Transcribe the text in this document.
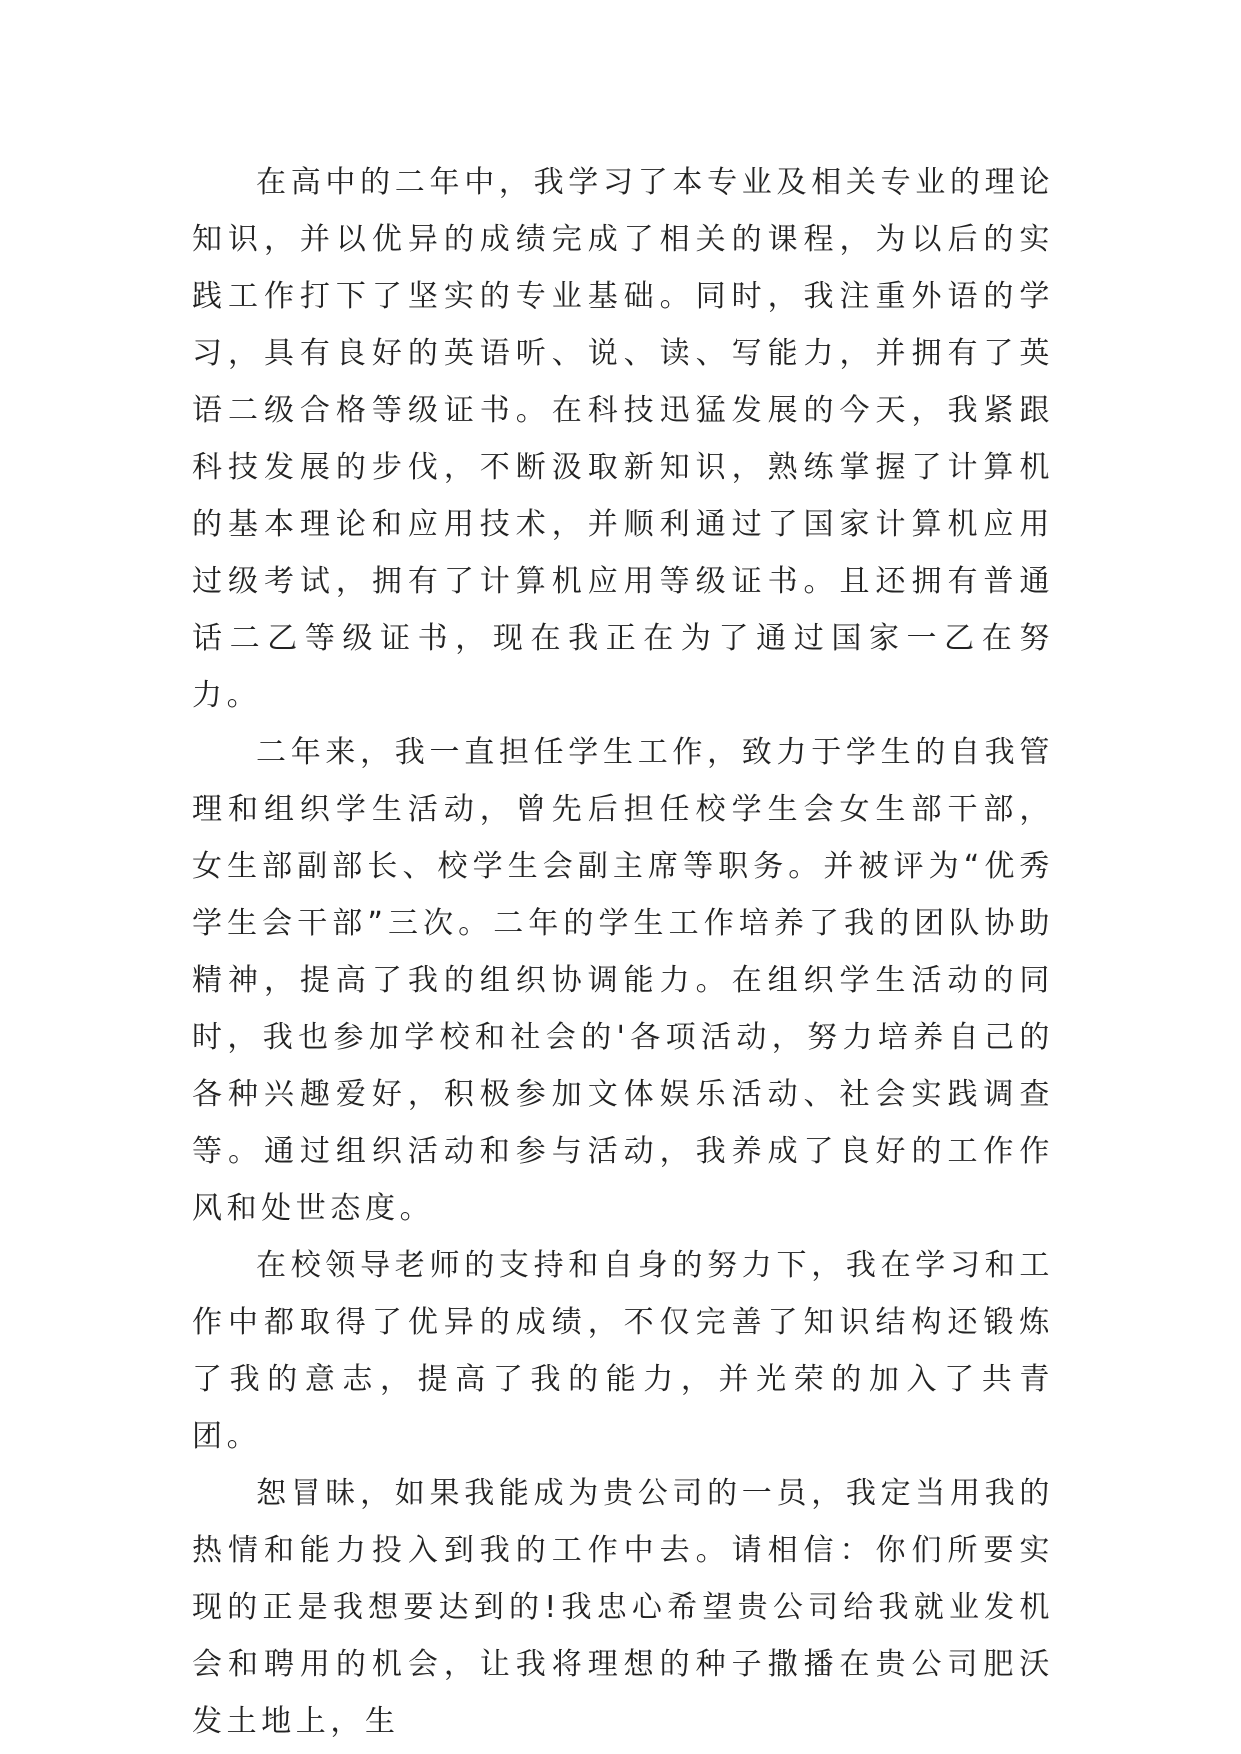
在高中的二年中，我学习了本专业及相关专业的理论知识，并以优异的成绩完成了相关的课程，为以后的实践工作打下了坚实的专业基础。同时，我注重外语的学习，具有良好的英语听、说、读、写能力，并拥有了英语二级合格等级证书。在科技迅猛发展的今天，我紧跟科技发展的步伐，不断汲取新知识，熟练掌握了计算机的基本理论和应用技术，并顺利通过了国家计算机应用过级考试，拥有了计算机应用等级证书。且还拥有普通话二乙等级证书，现在我正在为了通过国家一乙在努力。

二年来，我一直担任学生工作，致力于学生的自我管理和组织学生活动，曾先后担任校学生会女生部干部，女生部副部长、校学生会副主席等职务。并被评为“优秀学生会干部”三次。二年的学生工作培养了我的团队协助精神，提高了我的组织协调能力。在组织学生活动的同时，我也参加学校和社会的'各项活动，努力培养自己的各种兴趣爱好，积极参加文体娱乐活动、社会实践调查等。通过组织活动和参与活动，我养成了良好的工作作风和处世态度。

在校领导老师的支持和自身的努力下，我在学习和工作中都取得了优异的成绩，不仅完善了知识结构还锻炼了我的意志，提高了我的能力，并光荣的加入了共青团。

恕冒昧，如果我能成为贵公司的一员，我定当用我的热情和能力投入到我的工作中去。请相信：你们所要实现的正是我想要达到的!我忠心希望贵公司给我就业发机会和聘用的机会，让我将理想的种子撒播在贵公司肥沃发土地上，生
